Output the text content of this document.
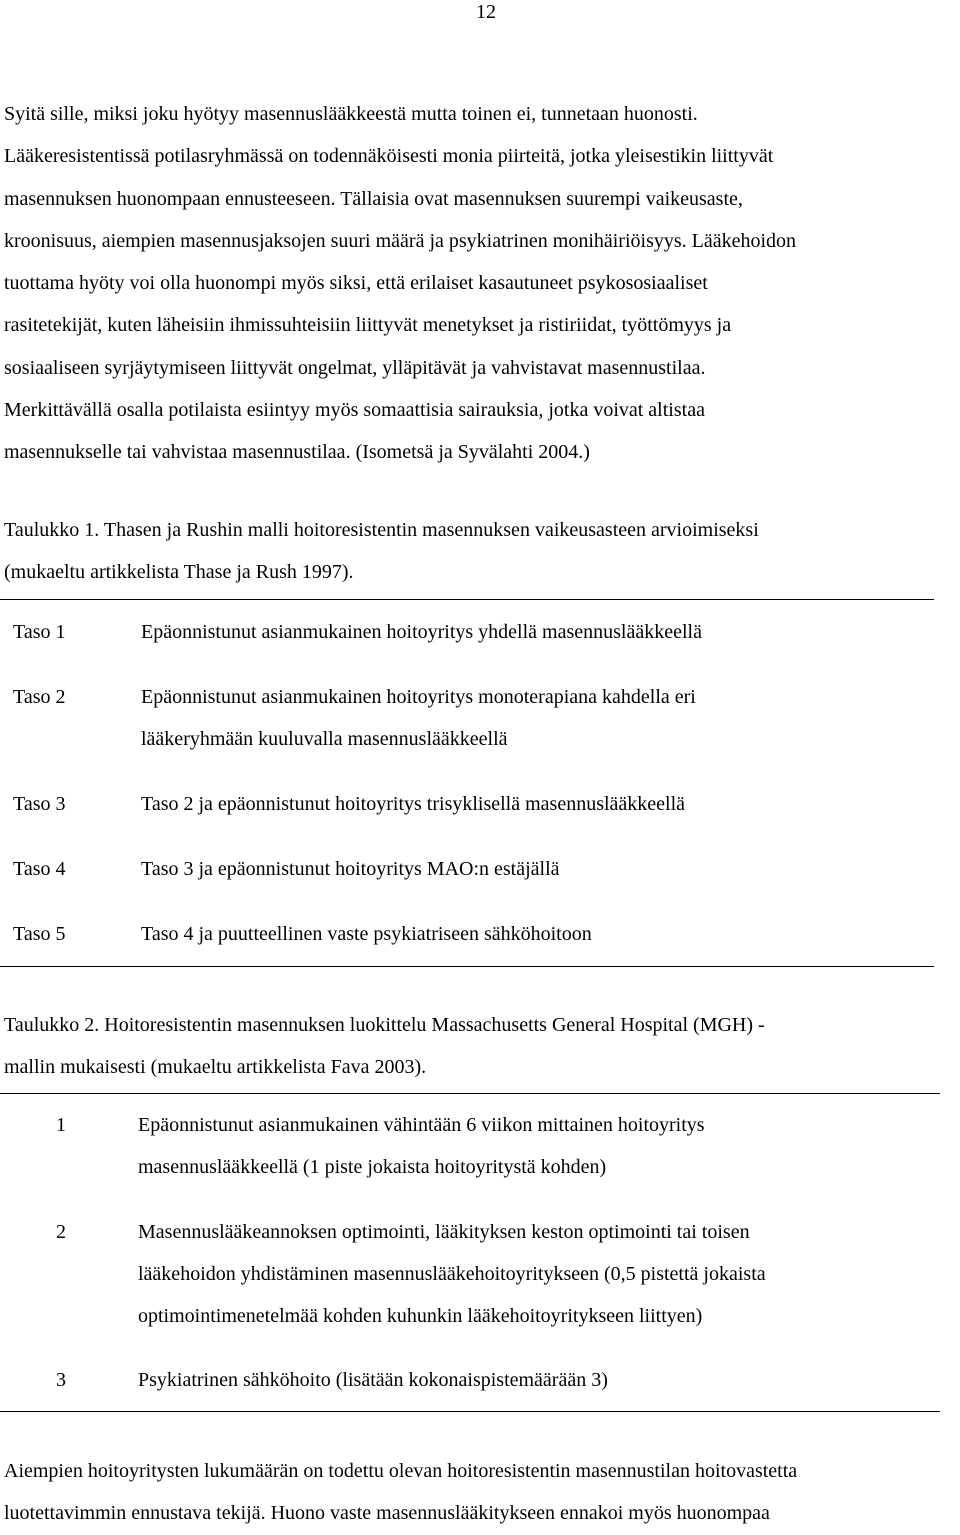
12
Syitä sille, miksi joku hyötyy masennuslääkkeestä mutta toinen ei, tunnetaan huonosti.
Lääkeresistentissä potilasryhmässä on todennäköisesti monia piirteitä, jotka yleisestikin liittyvät
masennuksen huonompaan ennusteeseen. Tällaisia ovat masennuksen suurempi vaikeusaste,
kroonisuus, aiempien masennusjaksojen suuri määrä ja psykiatrinen monihäiriöisyys. Lääkehoidon
tuottama hyöty voi olla huonompi myös siksi, että erilaiset kasautuneet psykososiaaliset
rasitetekijät, kuten läheisiin ihmissuhteisiin liittyvät menetykset ja ristiriidat, työttömyys ja
sosiaaliseen syrjäytymiseen liittyvät ongelmat, ylläpitävät ja vahvistavat masennustilaa.
Merkittävällä osalla potilaista esiintyy myös somaattisia sairauksia, jotka voivat altistaa
masennukselle tai vahvistaa masennustilaa. (Isometsä ja Syvälahti 2004.)
Taulukko 1. Thasen ja Rushin malli hoitoresistentin masennuksen vaikeusasteen arvioimiseksi
(mukaeltu artikkelista Thase ja Rush 1997).
Taso 1	Epäonnistunut asianmukainen hoitoyritys yhdellä masennuslääkkeellä
Taso 2	Epäonnistunut asianmukainen hoitoyritys monoterapiana kahdella eri
lääkeryhmään kuuluvalla masennuslääkkeellä
Taso 3	Taso 2 ja epäonnistunut hoitoyritys trisyklisellä masennuslääkkeellä
Taso 4	Taso 3 ja epäonnistunut hoitoyritys MAO:n estäjällä
Taso 5	Taso 4 ja puutteellinen vaste psykiatriseen sähköhoitoon
Taulukko 2. Hoitoresistentin masennuksen luokittelu Massachusetts General Hospital (MGH) -
mallin mukaisesti (mukaeltu artikkelista Fava 2003).
1	Epäonnistunut asianmukainen vähintään 6 viikon mittainen hoitoyritys
masennuslääkkeellä (1 piste jokaista hoitoyritystä kohden)
2	Masennuslääkeannoksen optimointi, lääkityksen keston optimointi tai toisen
lääkehoidon yhdistäminen masennuslääkehoitoyritykseen (0,5 pistettä jokaista
optimointimenetelmää kohden kuhunkin lääkehoitoyritykseen liittyen)
3	Psykiatrinen sähköhoito (lisätään kokonaispistemäärään 3)
Aiempien hoitoyritysten lukumäärän on todettu olevan hoitoresistentin masennustilan hoitovastetta
luotettavimmin ennustava tekijä. Huono vaste masennuslääkitykseen ennakoi myös huonompaa
